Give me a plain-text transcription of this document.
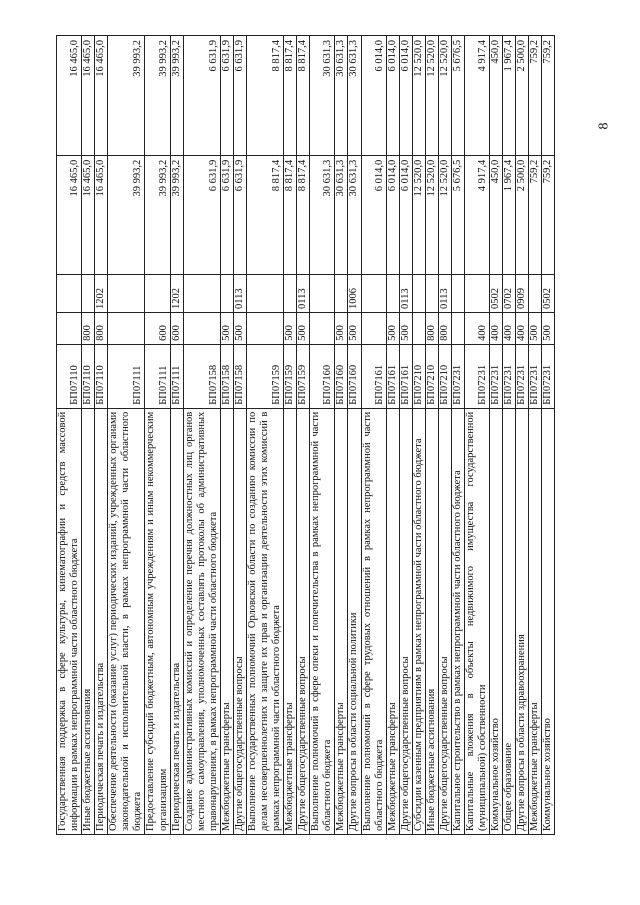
8
Государственная поддержка в сфере культуры, кинематографии и средств массовой информации в рамках непрограммной части областного бюджета	БП07110			16 465,0	16 465,0
Иные бюджетные ассигнования	БП07110	800		16 465,0	16 465,0
Периодическая печать и издательства	БП07110	800	1202	16 465,0	16 465,0
Обеспечение деятельности (оказание услуг) периодических изданий, учрежденных органами законодательной и исполнительной власти, в рамках непрограммной части областного бюджета	БП07111			39 993,2	39 993,2
Предоставление субсидий бюджетным, автономным учреждениям и иным некоммерческим организациям	БП07111	600		39 993,2	39 993,2
Периодическая печать и издательства	БП07111	600	1202	39 993,2	39 993,2
Создание административных комиссий и определение перечня должностных лиц органов местного самоуправления, уполномоченных составлять протоколы об административных правонарушениях, в рамках непрограммной части областного бюджета	БП07158			6 631,9	6 631,9
Межбюджетные трансферты	БП07158	500		6 631,9	6 631,9
Другие общегосударственные вопросы	БП07158	500	0113	6 631,9	6 631,9
Выполнение государственных полномочий Орловской области по созданию комиссии по делам несовершеннолетних и защите их прав и организации деятельности этих комиссий в рамках непрограммной части областного бюджета	БП07159			8 817,4	8 817,4
Межбюджетные трансферты	БП07159	500		8 817,4	8 817,4
Другие общегосударственные вопросы	БП07159	500	0113	8 817,4	8 817,4
Выполнение полномочий в сфере опеки и попечительства в рамках непрограммной части областного бюджета	БП07160			30 631,3	30 631,3
Межбюджетные трансферты	БП07160	500		30 631,3	30 631,3
Другие вопросы в области социальной политики	БП07160	500	1006	30 631,3	30 631,3
Выполнение полномочий в сфере трудовых отношений в рамках непрограммной части областного бюджета	БП07161			6 014,0	6 014,0
Межбюджетные трансферты	БП07161	500		6 014,0	6 014,0
Другие общегосударственные вопросы	БП07161	500	0113	6 014,0	6 014,0
Субсидии казенным предприятиям в рамках непрограммной части областного бюджета	БП07210			12 520,0	12 520,0
Иные бюджетные ассигнования	БП07210	800		12 520,0	12 520,0
Другие общегосударственные вопросы	БП07210	800	0113	12 520,0	12 520,0
Капитальное строительство в рамках непрограммной части областного бюджета	БП07231			5 676,5	5 676,5
Капитальные вложения в объекты недвижимого имущества государственной (муниципальной) собственности	БП07231	400		4 917,4	4 917,4
Коммунальное хозяйство	БП07231	400	0502	450,0	450,0
Общее образование	БП07231	400	0702	1 967,4	1 967,4
Другие вопросы в области здравоохранения	БП07231	400	0909	2 500,0	2 500,0
Межбюджетные трансферты	БП07231	500		759,2	759,2
Коммунальное хозяйство	БП07231	500	0502	759,2	759,2
